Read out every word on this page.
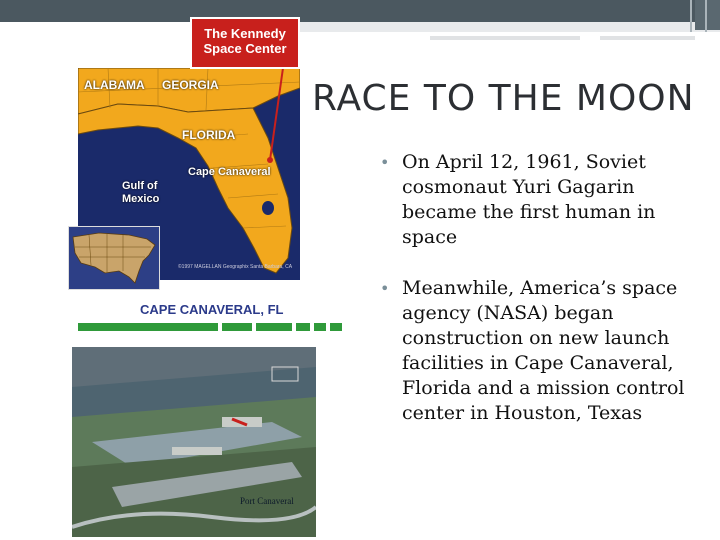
ALABAMA GEORGIA
FLORIDA
Cape Canaveral
Gulf of Mexico
©1997 MAGELLAN Geographix Santa Barbara, CA
The Kennedy Space Center
CAPE CANAVERAL, FL
Port Canaveral
RACE TO THE MOON
• On April 12, 1961, Soviet cosmonaut Yuri Gagarin became the first human in space
• Meanwhile, America’s space agency (NASA) began construction on new launch facilities in Cape Canaveral, Florida and a mission control center in Houston, Texas
